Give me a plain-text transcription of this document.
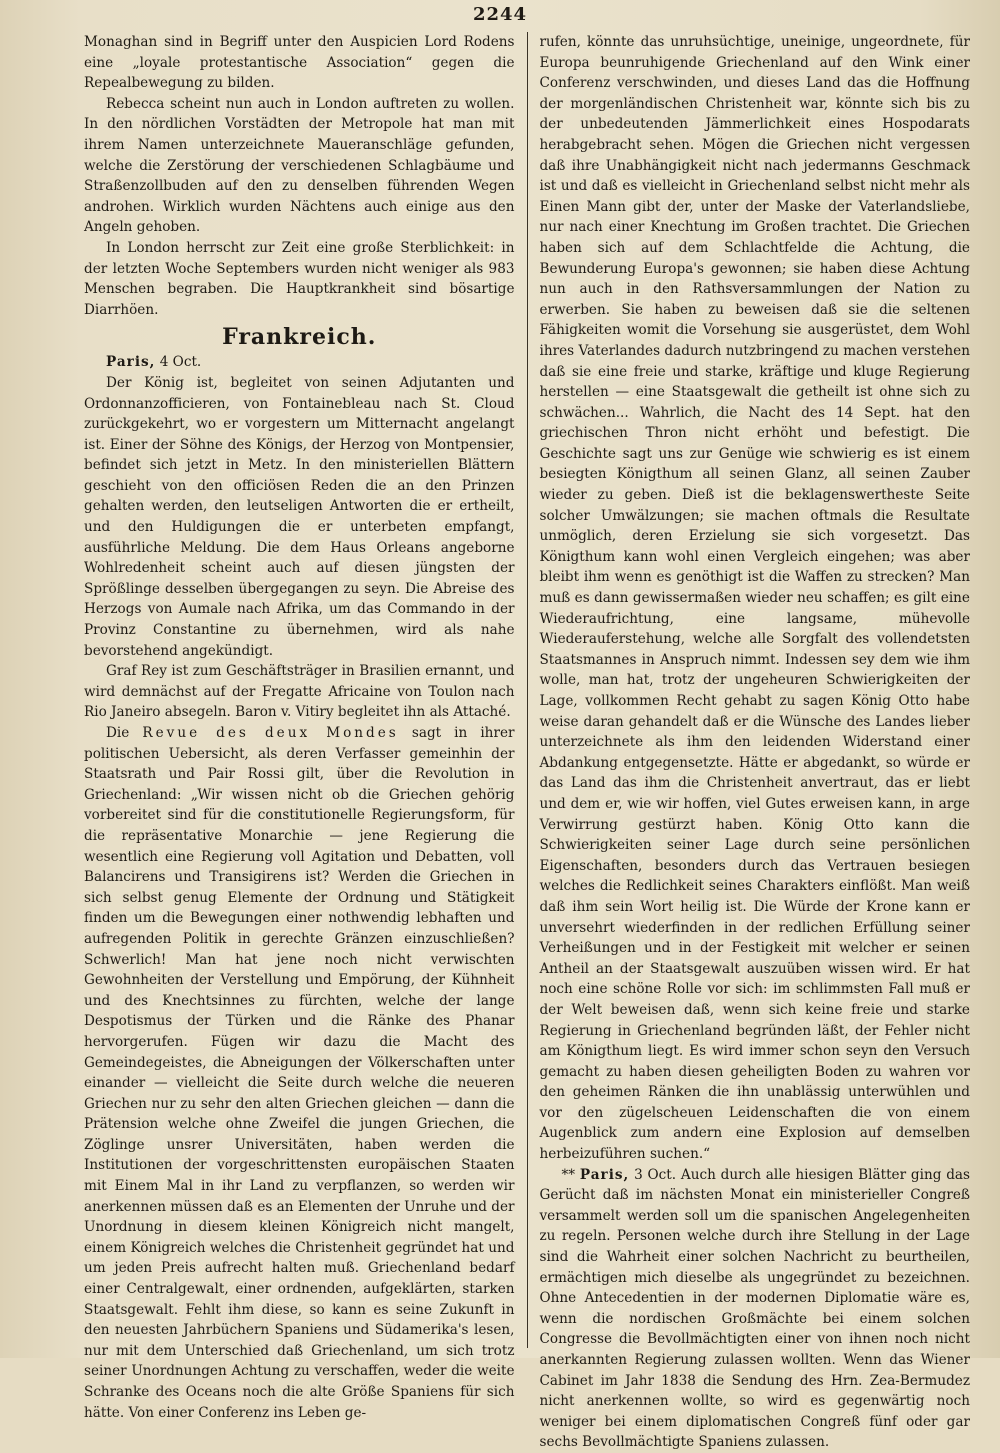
2244

Monaghan sind in Begriff unter den Auspicien Lord Rodens eine „loyale protestantische Association“ gegen die Repealbewegung zu bilden.

Rebecca scheint nun auch in London auftreten zu wollen. In den nördlichen Vorstädten der Metropole hat man mit ihrem Namen unterzeichnete Maueranschläge gefunden, welche die Zerstörung der verschiedenen Schlagbäume und Straßenzollbuden auf den zu denselben führenden Wegen androhen. Wirklich wurden Nächtens auch einige aus den Angeln gehoben.

In London herrscht zur Zeit eine große Sterblichkeit: in der letzten Woche Septembers wurden nicht weniger als 983 Menschen begraben. Die Hauptkrankheit sind bösartige Diarrhöen.

Frankreich.

Paris, 4 Oct.

Der König ist, begleitet von seinen Adjutanten und Ordonnanzofficieren, von Fontainebleau nach St. Cloud zurückgekehrt, wo er vorgestern um Mitternacht angelangt ist. Einer der Söhne des Königs, der Herzog von Montpensier, befindet sich jetzt in Metz. In den ministeriellen Blättern geschieht von den officiösen Reden die an den Prinzen gehalten werden, den leutseligen Antworten die er ertheilt, und den Huldigungen die er unterbeten empfangt, ausführliche Meldung. Die dem Haus Orleans angeborne Wohlredenheit scheint auch auf diesen jüngsten der Sprößlinge desselben übergegangen zu seyn. Die Abreise des Herzogs von Aumale nach Afrika, um das Commando in der Provinz Constantine zu übernehmen, wird als nahe bevorstehend angekündigt.

Graf Rey ist zum Geschäftsträger in Brasilien ernannt, und wird demnächst auf der Fregatte Africaine von Toulon nach Rio Janeiro absegeln. Baron v. Vitiry begleitet ihn als Attaché.

Die Revue des deux Mondes sagt in ihrer politischen Uebersicht, als deren Verfasser gemeinhin der Staatsrath und Pair Rossi gilt, über die Revolution in Griechenland: „Wir wissen nicht ob die Griechen gehörig vorbereitet sind für die constitutionelle Regierungsform, für die repräsentative Monarchie — jene Regierung die wesentlich eine Regierung voll Agitation und Debatten, voll Balancirens und Transigirens ist? Werden die Griechen in sich selbst genug Elemente der Ordnung und Stätigkeit finden um die Bewegungen einer nothwendig lebhaften und aufregenden Politik in gerechte Gränzen einzuschließen? Schwerlich! Man hat jene noch nicht verwischten Gewohnheiten der Verstellung und Empörung, der Kühnheit und des Knechtsinnes zu fürchten, welche der lange Despotismus der Türken und die Ränke des Phanar hervorgerufen. Fügen wir dazu die Macht des Gemeindegeistes, die Abneigungen der Völkerschaften unter einander — vielleicht die Seite durch welche die neueren Griechen nur zu sehr den alten Griechen gleichen — dann die Prätension welche ohne Zweifel die jungen Griechen, die Zöglinge unsrer Universitäten, haben werden die Institutionen der vorgeschrittensten europäischen Staaten mit Einem Mal in ihr Land zu verpflanzen, so werden wir anerkennen müssen daß es an Elementen der Unruhe und der Unordnung in diesem kleinen Königreich nicht mangelt, einem Königreich welches die Christenheit gegründet hat und um jeden Preis aufrecht halten muß. Griechenland bedarf einer Centralgewalt, einer ordnenden, aufgeklärten, starken Staatsgewalt. Fehlt ihm diese, so kann es seine Zukunft in den neuesten Jahrbüchern Spaniens und Südamerika's lesen, nur mit dem Unterschied daß Griechenland, um sich trotz seiner Unordnungen Achtung zu verschaffen, weder die weite Schranke des Oceans noch die alte Größe Spaniens für sich hätte. Von einer Conferenz ins Leben ge-

rufen, könnte das unruhsüchtige, uneinige, ungeordnete, für Europa beunruhigende Griechenland auf den Wink einer Conferenz verschwinden, und dieses Land das die Hoffnung der morgenländischen Christenheit war, könnte sich bis zu der unbedeutenden Jämmerlichkeit eines Hospodarats herabgebracht sehen. Mögen die Griechen nicht vergessen daß ihre Unabhängigkeit nicht nach jedermanns Geschmack ist und daß es vielleicht in Griechenland selbst nicht mehr als Einen Mann gibt der, unter der Maske der Vaterlandsliebe, nur nach einer Knechtung im Großen trachtet. Die Griechen haben sich auf dem Schlachtfelde die Achtung, die Bewunderung Europa's gewonnen; sie haben diese Achtung nun auch in den Rathsversammlungen der Nation zu erwerben. Sie haben zu beweisen daß sie die seltenen Fähigkeiten womit die Vorsehung sie ausgerüstet, dem Wohl ihres Vaterlandes dadurch nutzbringend zu machen verstehen daß sie eine freie und starke, kräftige und kluge Regierung herstellen — eine Staatsgewalt die getheilt ist ohne sich zu schwächen... Wahrlich, die Nacht des 14 Sept. hat den griechischen Thron nicht erhöht und befestigt. Die Geschichte sagt uns zur Genüge wie schwierig es ist einem besiegten Königthum all seinen Glanz, all seinen Zauber wieder zu geben. Dieß ist die beklagenswertheste Seite solcher Umwälzungen; sie machen oftmals die Resultate unmöglich, deren Erzielung sie sich vorgesetzt. Das Königthum kann wohl einen Vergleich eingehen; was aber bleibt ihm wenn es genöthigt ist die Waffen zu strecken? Man muß es dann gewissermaßen wieder neu schaffen; es gilt eine Wiederaufrichtung, eine langsame, mühevolle Wiederauferstehung, welche alle Sorgfalt des vollendetsten Staatsmannes in Anspruch nimmt. Indessen sey dem wie ihm wolle, man hat, trotz der ungeheuren Schwierigkeiten der Lage, vollkommen Recht gehabt zu sagen König Otto habe weise daran gehandelt daß er die Wünsche des Landes lieber unterzeichnete als ihm den leidenden Widerstand einer Abdankung entgegensetzte. Hätte er abgedankt, so würde er das Land das ihm die Christenheit anvertraut, das er liebt und dem er, wie wir hoffen, viel Gutes erweisen kann, in arge Verwirrung gestürzt haben. König Otto kann die Schwierigkeiten seiner Lage durch seine persönlichen Eigenschaften, besonders durch das Vertrauen besiegen welches die Redlichkeit seines Charakters einflößt. Man weiß daß ihm sein Wort heilig ist. Die Würde der Krone kann er unversehrt wiederfinden in der redlichen Erfüllung seiner Verheißungen und in der Festigkeit mit welcher er seinen Antheil an der Staatsgewalt auszuüben wissen wird. Er hat noch eine schöne Rolle vor sich: im schlimmsten Fall muß er der Welt beweisen daß, wenn sich keine freie und starke Regierung in Griechenland begründen läßt, der Fehler nicht am Königthum liegt. Es wird immer schon seyn den Versuch gemacht zu haben diesen geheiligten Boden zu wahren vor den geheimen Ränken die ihn unablässig unterwühlen und vor den zügelscheuen Leidenschaften die von einem Augenblick zum andern eine Explosion auf demselben herbeizuführen suchen.“

** Paris, 3 Oct. Auch durch alle hiesigen Blätter ging das Gerücht daß im nächsten Monat ein ministerieller Congreß versammelt werden soll um die spanischen Angelegenheiten zu regeln. Personen welche durch ihre Stellung in der Lage sind die Wahrheit einer solchen Nachricht zu beurtheilen, ermächtigen mich dieselbe als ungegründet zu bezeichnen. Ohne Antecedentien in der modernen Diplomatie wäre es, wenn die nordischen Großmächte bei einem solchen Congresse die Bevollmächtigten einer von ihnen noch nicht anerkannten Regierung zulassen wollten. Wenn das Wiener Cabinet im Jahr 1838 die Sendung des Hrn. Zea-Bermudez nicht anerkennen wollte, so wird es gegenwärtig noch weniger bei einem diplomatischen Congreß fünf oder gar sechs Bevollmächtigte Spaniens zulassen.
